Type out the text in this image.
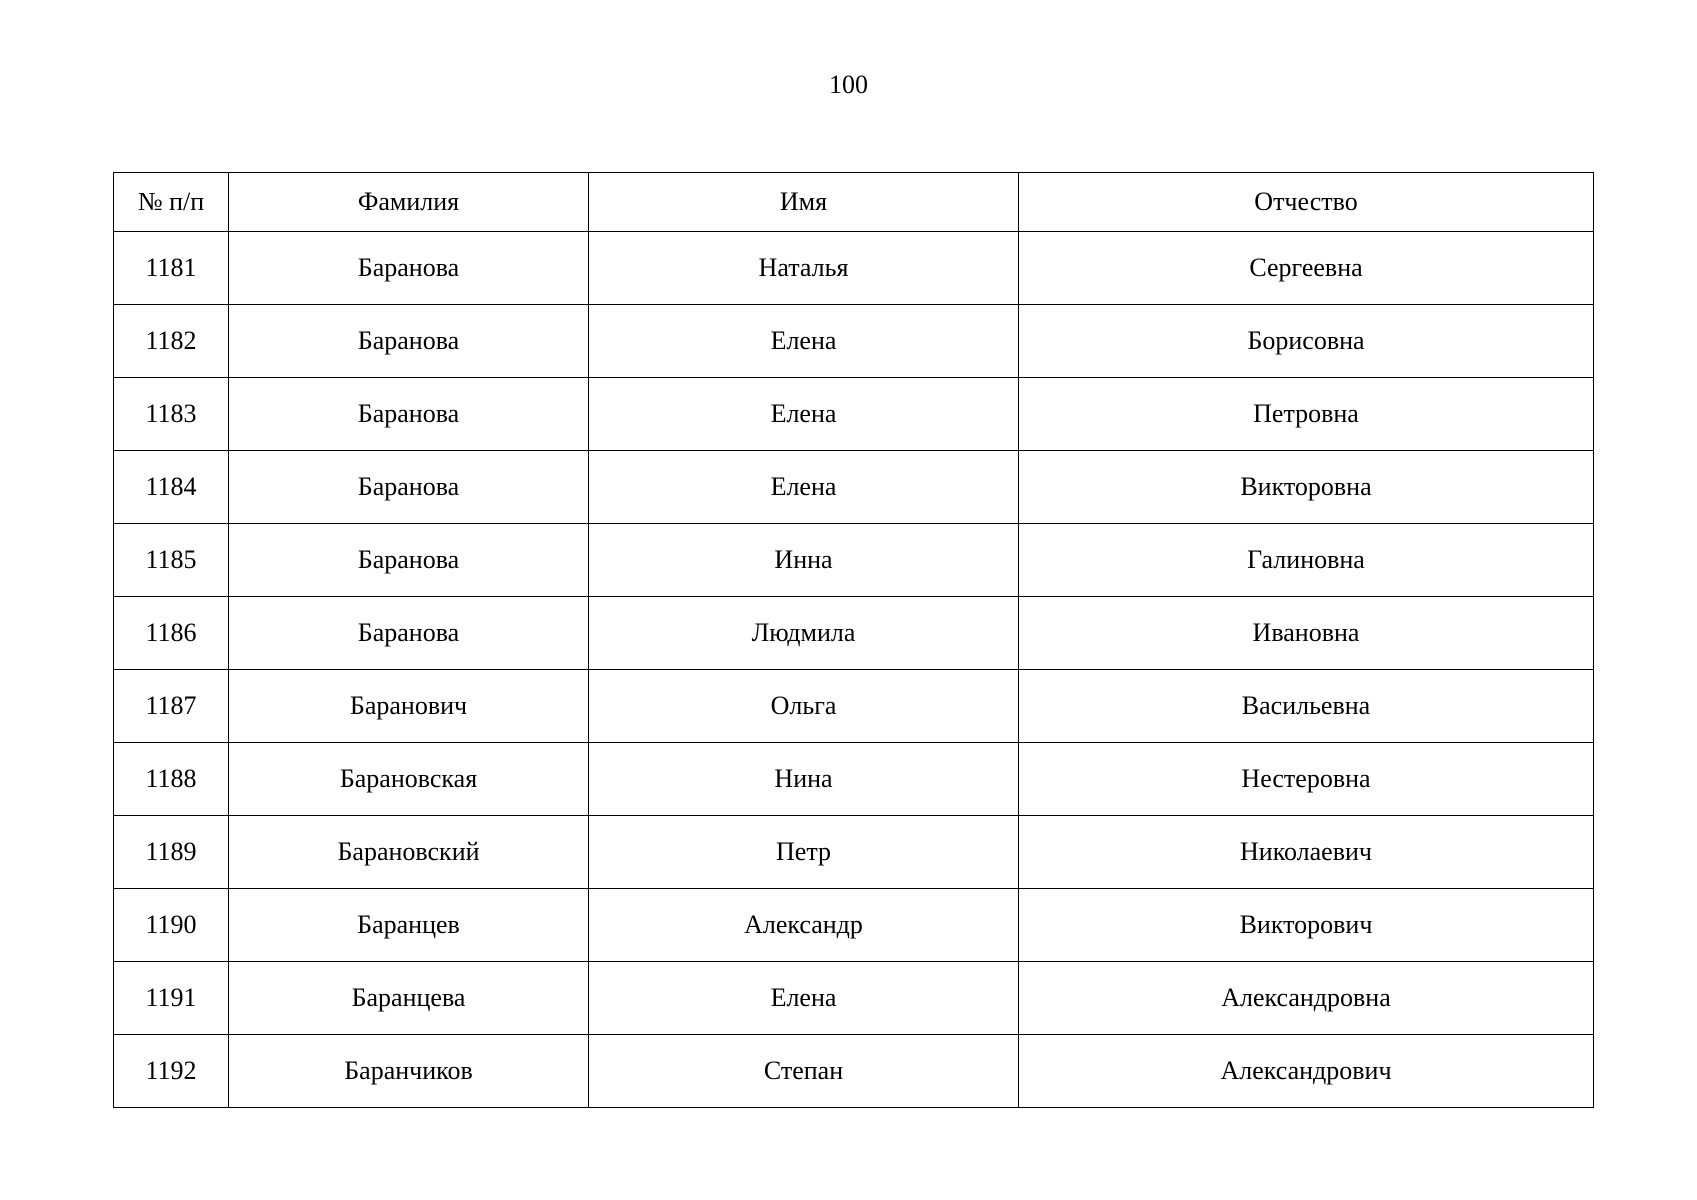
100
№ п/п	Фамилия	Имя	Отчество
1181	Баранова	Наталья	Сергеевна
1182	Баранова	Елена	Борисовна
1183	Баранова	Елена	Петровна
1184	Баранова	Елена	Викторовна
1185	Баранова	Инна	Галиновна
1186	Баранова	Людмила	Ивановна
1187	Баранович	Ольга	Васильевна
1188	Барановская	Нина	Нестеровна
1189	Барановский	Петр	Николаевич
1190	Баранцев	Александр	Викторович
1191	Баранцева	Елена	Александровна
1192	Баранчиков	Степан	Александрович
